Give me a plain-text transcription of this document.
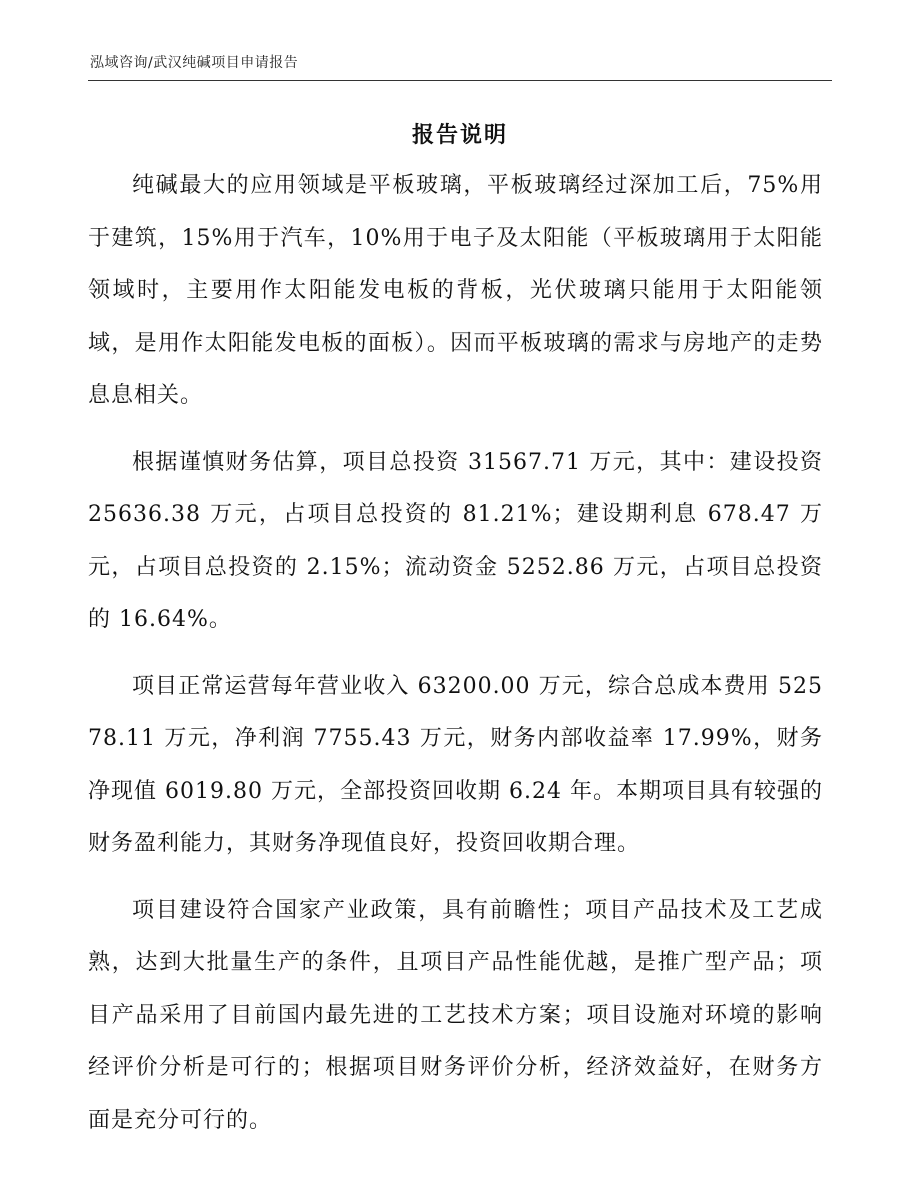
泓域咨询/武汉纯碱项目申请报告
报告说明

纯碱最大的应用领域是平板玻璃，平板玻璃经过深加工后，75%用于建筑，15%用于汽车，10%用于电子及太阳能（平板玻璃用于太阳能领域时，主要用作太阳能发电板的背板，光伏玻璃只能用于太阳能领域，是用作太阳能发电板的面板）。因而平板玻璃的需求与房地产的走势息息相关。

根据谨慎财务估算，项目总投资 31567.71 万元，其中：建设投资 25636.38 万元，占项目总投资的 81.21%；建设期利息 678.47 万元，占项目总投资的 2.15%；流动资金 5252.86 万元，占项目总投资的 16.64%。

项目正常运营每年营业收入 63200.00 万元，综合总成本费用 52578.11 万元，净利润 7755.43 万元，财务内部收益率 17.99%，财务净现值 6019.80 万元，全部投资回收期 6.24 年。本期项目具有较强的财务盈利能力，其财务净现值良好，投资回收期合理。

项目建设符合国家产业政策，具有前瞻性；项目产品技术及工艺成熟，达到大批量生产的条件，且项目产品性能优越，是推广型产品；项目产品采用了目前国内最先进的工艺技术方案；项目设施对环境的影响经评价分析是可行的；根据项目财务评价分析，经济效益好，在财务方面是充分可行的。
